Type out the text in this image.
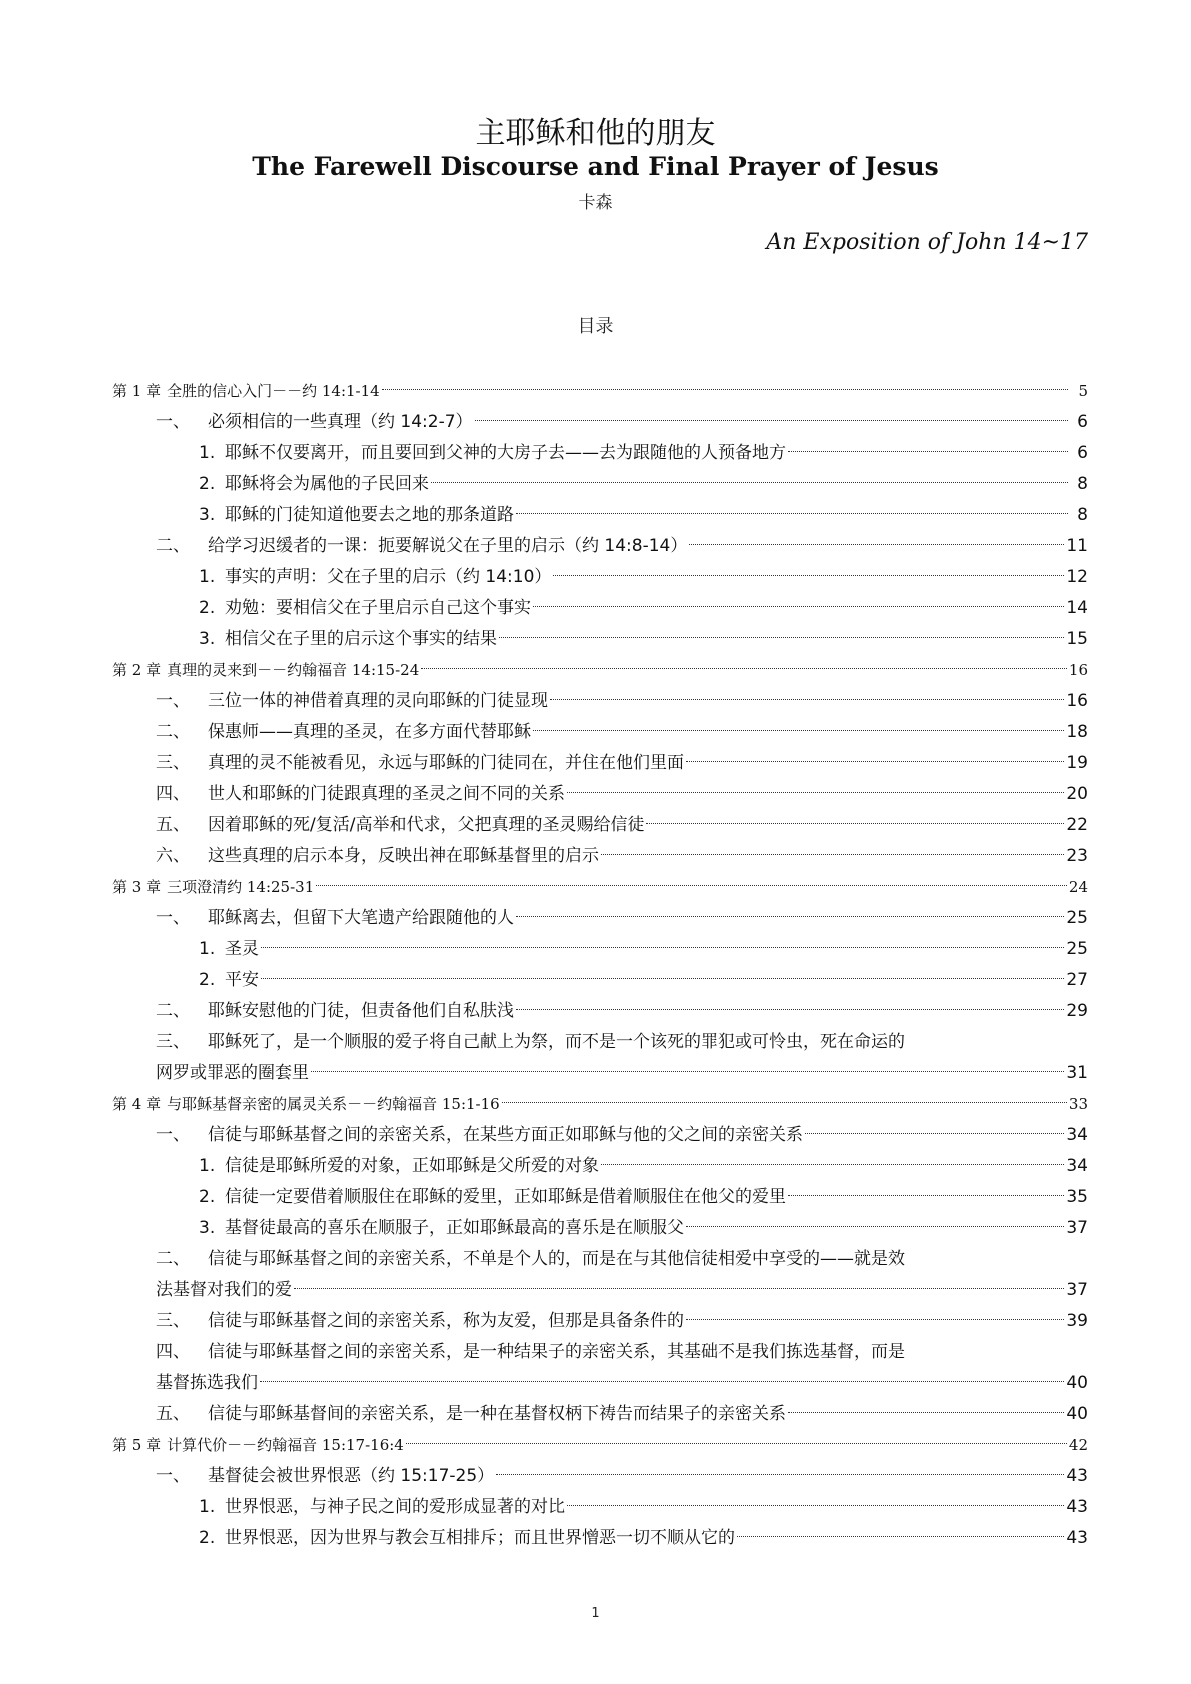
主耶稣和他的朋友
The Farewell Discourse and Final Prayer of Jesus
卡森
An Exposition of John 14~17
目录
第 1 章 全胜的信心入门－－约 14:1-14	5
一、	必须相信的一些真理（约 14:2-7）	6
1. 耶稣不仅要离开，而且要回到父神的大房子去——去为跟随他的人预备地方	6
2. 耶稣将会为属他的子民回来	8
3. 耶稣的门徒知道他要去之地的那条道路	8
二、	给学习迟缓者的一课：扼要解说父在子里的启示（约 14:8-14）	11
1. 事实的声明：父在子里的启示（约 14:10）	12
2. 劝勉：要相信父在子里启示自己这个事实	14
3. 相信父在子里的启示这个事实的结果	15
第 2 章 真理的灵来到－－约翰福音 14:15-24	16
一、	三位一体的神借着真理的灵向耶稣的门徒显现	16
二、	保惠师——真理的圣灵，在多方面代替耶稣	18
三、	真理的灵不能被看见，永远与耶稣的门徒同在，并住在他们里面	19
四、	世人和耶稣的门徒跟真理的圣灵之间不同的关系	20
五、	因着耶稣的死/复活/高举和代求，父把真理的圣灵赐给信徒	22
六、	这些真理的启示本身，反映出神在耶稣基督里的启示	23
第 3 章 三项澄清约 14:25-31	24
一、	耶稣离去，但留下大笔遗产给跟随他的人	25
1. 圣灵	25
2. 平安	27
二、	耶稣安慰他的门徒，但责备他们自私肤浅	29
三、	耶稣死了，是一个顺服的爱子将自己献上为祭，而不是一个该死的罪犯或可怜虫，死在命运的
网罗或罪恶的圈套里	31
第 4 章 与耶稣基督亲密的属灵关系－－约翰福音 15:1-16	33
一、	信徒与耶稣基督之间的亲密关系，在某些方面正如耶稣与他的父之间的亲密关系	34
1. 信徒是耶稣所爱的对象，正如耶稣是父所爱的对象	34
2. 信徒一定要借着顺服住在耶稣的爱里，正如耶稣是借着顺服住在他父的爱里	35
3. 基督徒最高的喜乐在顺服子，正如耶稣最高的喜乐是在顺服父	37
二、	信徒与耶稣基督之间的亲密关系，不单是个人的，而是在与其他信徒相爱中享受的——就是效
法基督对我们的爱	37
三、	信徒与耶稣基督之间的亲密关系，称为友爱，但那是具备条件的	39
四、	信徒与耶稣基督之间的亲密关系，是一种结果子的亲密关系，其基础不是我们拣选基督，而是
基督拣选我们	40
五、	信徒与耶稣基督间的亲密关系，是一种在基督权柄下祷告而结果子的亲密关系	40
第 5 章 计算代价－－约翰福音 15:17-16:4	42
一、	基督徒会被世界恨恶（约 15:17-25）	43
1. 世界恨恶，与神子民之间的爱形成显著的对比	43
2. 世界恨恶，因为世界与教会互相排斥；而且世界憎恶一切不顺从它的	43
1
